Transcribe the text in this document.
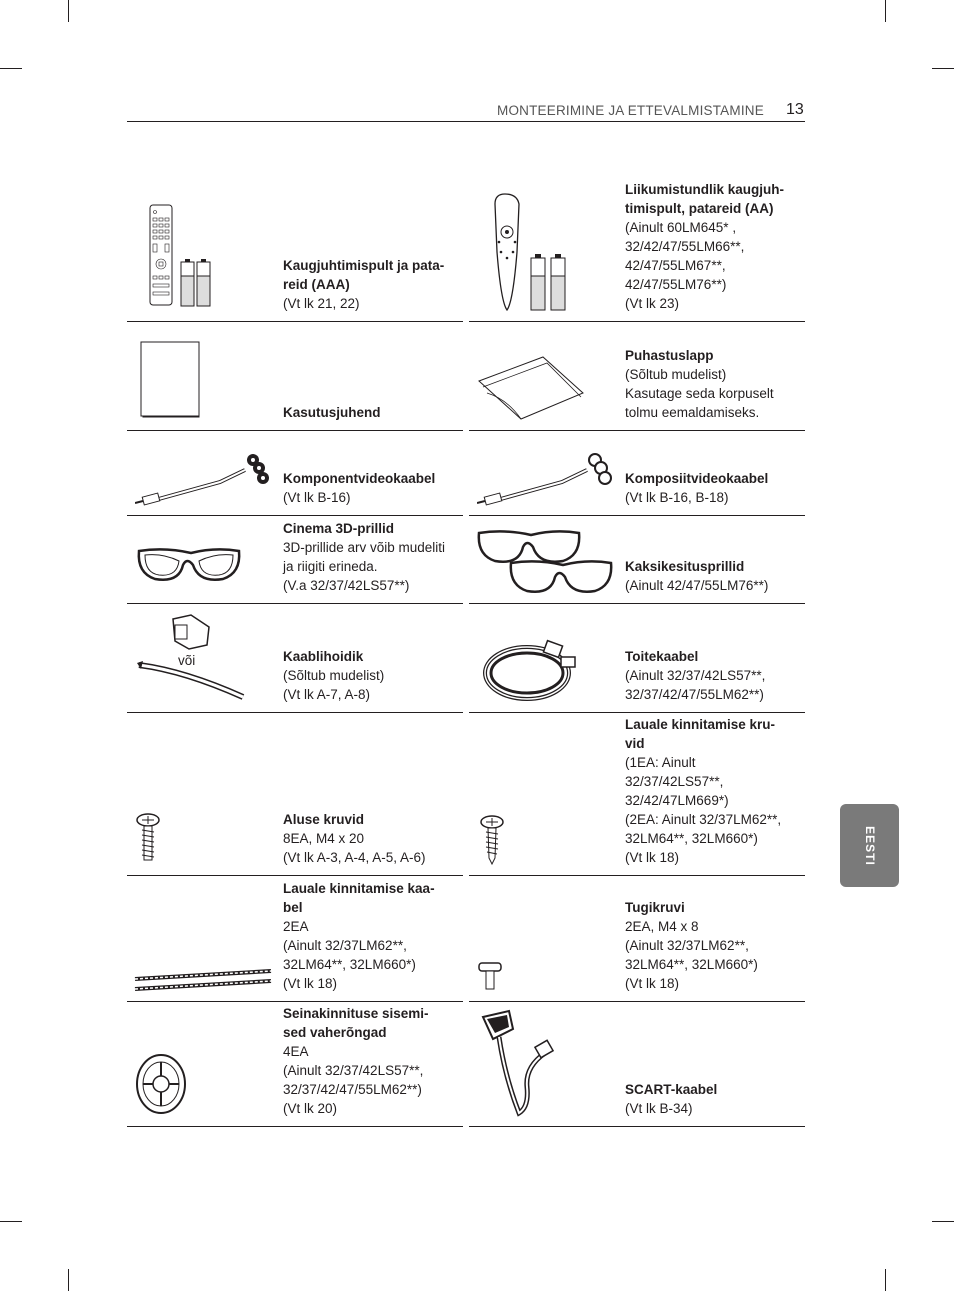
MONTEERIMINE JA ETTEVALMISTAMINE 13
EESTI
Kaugjuhtimispult ja pata-
reid (AAA)
(Vt lk 21, 22)
Kasutusjuhend
Komponentvideokaabel
(Vt lk B-16)
Cinema 3D-prillid
3D-prillide arv võib mudeliti
ja riigiti erineda.
(V.a 32/37/42LS57**)
või	Kaablihoidik
(Sõltub mudelist)
(Vt lk A-7, A-8)
Aluse kruvid
8EA, M4 x 20
(Vt lk A-3, A-4, A-5, A-6)
Lauale kinnitamise kaa-
bel
2EA
(Ainult 32/37LM62**,
32LM64**, 32LM660*)
(Vt lk 18)
Seinakinnituse sisemi-
sed vaherõngad
4EA
(Ainult 32/37/42LS57**,
32/37/42/47/55LM62**)
(Vt lk 20)
Liikumistundlik kaugjuh-
timispult, patareid (AA)
(Ainult 60LM645* ,
32/42/47/55LM66**,
42/47/55LM67**,
42/47/55LM76**)
(Vt lk 23)
Puhastuslapp
(Sõltub mudelist)
Kasutage seda korpuselt
tolmu eemaldamiseks.
Komposiitvideokaabel
(Vt lk B-16, B-18)
Kaksikesitusprillid
(Ainult 42/47/55LM76**)
Toitekaabel
(Ainult 32/37/42LS57**,
32/37/42/47/55LM62**)
Lauale kinnitamise kru-
vid
(1EA: Ainult
32/37/42LS57**,
32/42/47LM669*)
(2EA: Ainult 32/37LM62**,
32LM64**, 32LM660*)
(Vt lk 18)
Tugikruvi
2EA, M4 x 8
(Ainult 32/37LM62**,
32LM64**, 32LM660*)
(Vt lk 18)
SCART-kaabel
(Vt lk B-34)
